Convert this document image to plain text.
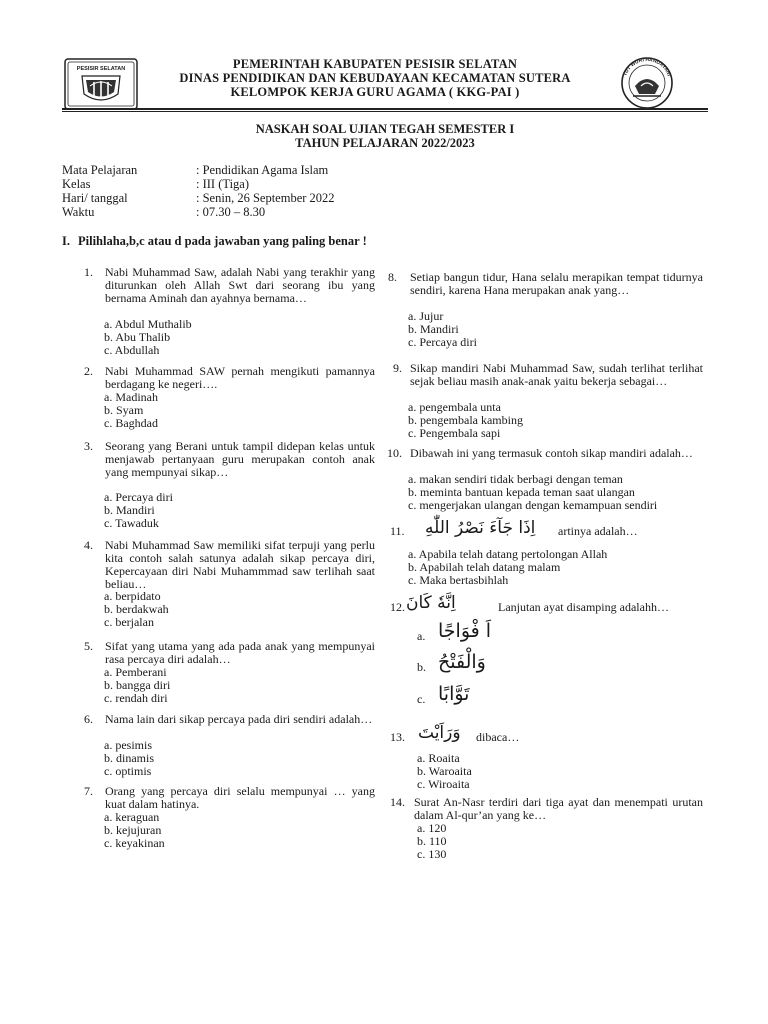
PESISIR SELATAN	PEMERINTAH KABUPATEN PESISIR SELATAN
DINAS PENDIDIKAN DAN KEBUDAYAAN KECAMATAN SUTERA
KELOMPOK KERJA GURU AGAMA ( KKG-PAI )
TUT WURI HANDAYANI
NASKAH SOAL UJIAN TEGAH SEMESTER I
TAHUN PELAJARAN 2022/2023
Mata Pelajaran	: Pendidikan Agama Islam
Kelas	: III (Tiga)
Hari/ tanggal	: Senin, 26 September 2022
Waktu	: 07.30 – 8.30
I. Pilihlaha,b,c atau d pada jawaban yang paling benar !
1. Nabi Muhammad Saw, adalah Nabi yang terakhir yang diturunkan oleh Allah Swt dari seorang ibu yang bernama Aminah dan ayahnya bernama…
a. Abdul Muthalib
b. Abu Thalib
c. Abdullah
2. Nabi Muhammad SAW pernah mengikuti pamannya berdagang ke negeri….
a. Madinah
b. Syam
c. Baghdad
3. Seorang yang Berani untuk tampil didepan kelas untuk menjawab pertanyaan guru merupakan contoh anak yang mempunyai sikap…
a. Percaya diri
b. Mandiri
c. Tawaduk
4. Nabi Muhammad Saw memiliki sifat terpuji yang perlu kita contoh salah satunya adalah sikap percaya diri, Kepercayaan diri Nabi Muhammmad saw terlihah saat beliau…
a. berpidato
b. berdakwah
c. berjalan
5. Sifat yang utama yang ada pada anak yang mempunyai rasa percaya diri adalah…
a. Pemberani
b. bangga diri
c. rendah diri
6. Nama lain dari sikap percaya pada diri sendiri adalah…
a. pesimis
b. dinamis
c. optimis
7. Orang yang percaya diri selalu mempunyai … yang kuat dalam hatinya.
a. keraguan
b. kejujuran
c. keyakinan
8. Setiap bangun tidur, Hana selalu merapikan tempat tidurnya sendiri, karena Hana merupakan anak yang…
a. Jujur
b. Mandiri
c. Percaya diri
9. Sikap mandiri Nabi Muhammad Saw, sudah terlihat terlihat sejak beliau masih anak-anak yaitu bekerja sebagai…
a. pengembala unta
b. pengembala kambing
c. Pengembala sapi
10. Dibawah ini yang termasuk contoh sikap mandiri adalah…
a. makan sendiri tidak berbagi dengan teman
b. meminta bantuan kepada teman saat ulangan
c. mengerjakan ulangan dengan kemampuan sendiri
11. اِذَا جَآءَ نَصْرُ اللّٰهِ artinya adalah…
a. Apabila telah datang pertolongan Allah
b. Apabilah telah datang malam
c. Maka bertasbihlah
12. اِنَّهٗ كَانَ	Lanjutan ayat disamping adalahh…
a. اَ فْوَاجًا
b. وَالْفَتْحُ
c. تَوَّابًا
13. وَرَاَيْتَ dibaca…
a. Roaita
b. Waroaita
c. Wiroaita
14. Surat An-Nasr terdiri dari tiga ayat dan menempati urutan dalam Al-qur’an yang ke…
a. 120
b. 110
c. 130
